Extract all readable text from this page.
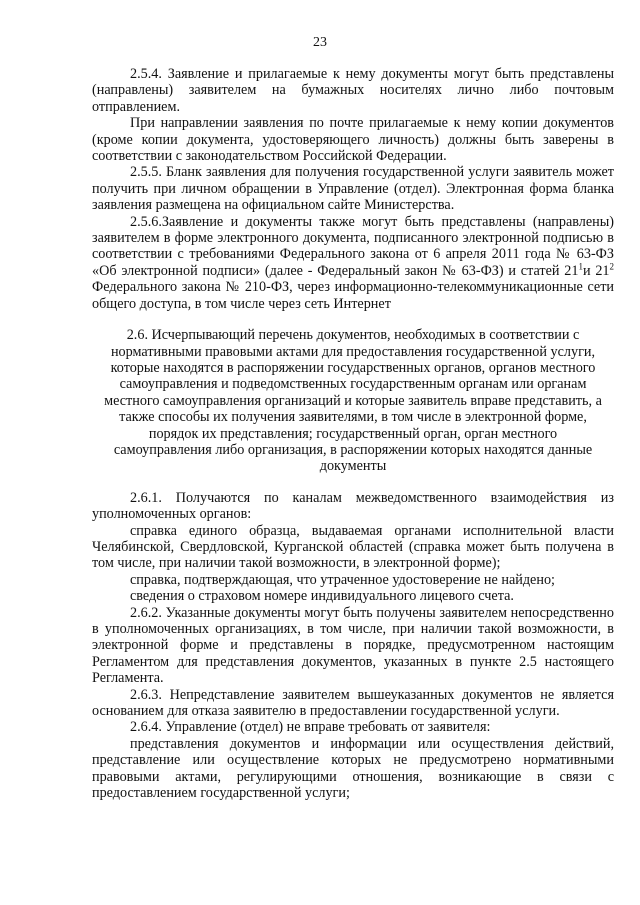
23

2.5.4. Заявление и прилагаемые к нему документы могут быть представлены (направлены) заявителем на бумажных носителях лично либо почтовым отправлением.

При направлении заявления по почте прилагаемые к нему копии документов (кроме копии документа, удостоверяющего личность) должны быть заверены в соответствии с законодательством Российской Федерации.

2.5.5. Бланк заявления для получения государственной услуги заявитель может получить при личном обращении в Управление (отдел). Электронная форма бланка заявления размещена на официальном сайте Министерства.

2.5.6.Заявление и документы также могут быть представлены (направлены) заявителем в форме электронного документа, подписанного электронной подписью в соответствии с требованиями Федерального закона от 6 апреля 2011 года № 63-ФЗ «Об электронной подписи» (далее - Федеральный закон № 63-ФЗ) и статей $21^1и$ $21^2$ Федерального закона № 210-ФЗ, через информационно-телекоммуникационные сети общего доступа, в том числе через сеть Интернет

2.6. Исчерпывающий перечень документов, необходимых в соответствии с нормативными правовыми актами для предоставления государственной услуги, которые находятся в распоряжении государственных органов, органов местного самоуправления и подведомственных государственным органам или органам местного самоуправления организаций и которые заявитель вправе представить, а также способы их получения заявителями, в том числе в электронной форме, порядок их представления; государственный орган, орган местного самоуправления либо организация, в распоряжении которых находятся данные документы

2.6.1. Получаются по каналам межведомственного взаимодействия из уполномоченных органов:

справка единого образца, выдаваемая органами исполнительной власти Челябинской, Свердловской, Курганской областей (справка может быть получена в том числе, при наличии такой возможности, в электронной форме);

справка, подтверждающая, что утраченное удостоверение не найдено;

сведения о страховом номере индивидуального лицевого счета.

2.6.2. Указанные документы могут быть получены заявителем непосредственно в уполномоченных организациях, в том числе, при наличии такой возможности, в электронной форме и представлены в порядке, предусмотренном настоящим Регламентом для представления документов, указанных в пункте 2.5 настоящего Регламента.

2.6.3. Непредставление заявителем вышеуказанных документов не является основанием для отказа заявителю в предоставлении государственной услуги.

2.6.4. Управление (отдел) не вправе требовать от заявителя:

представления документов и информации или осуществления действий, представление или осуществление которых не предусмотрено нормативными правовыми актами, регулирующими отношения, возникающие в связи с предоставлением государственной услуги;
